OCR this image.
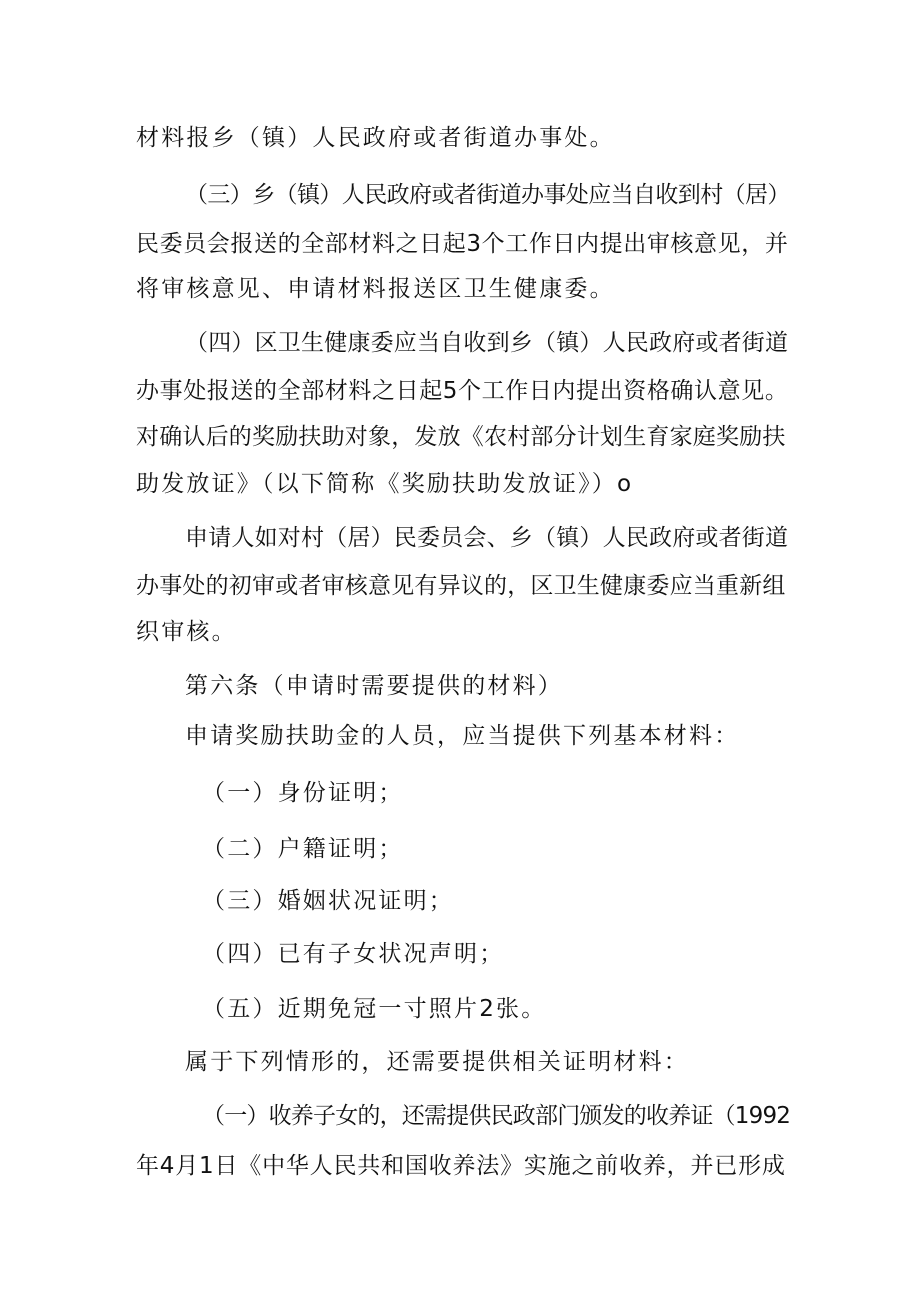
材料报乡（镇）人民政府或者街道办事处。
（三）乡（镇）人民政府或者街道办事处应当自收到村（居）
民委员会报送的全部材料之日起3个工作日内提出审核意见，并
将审核意见、申请材料报送区卫生健康委。
（四）区卫生健康委应当自收到乡（镇）人民政府或者街道
办事处报送的全部材料之日起5个工作日内提出资格确认意见。
对确认后的奖励扶助对象，发放《农村部分计划生育家庭奖励扶
助发放证》（以下简称《奖励扶助发放证》）o
申请人如对村（居）民委员会、乡（镇）人民政府或者街道
办事处的初审或者审核意见有异议的，区卫生健康委应当重新组
织审核。
第六条（申请时需要提供的材料）
申请奖励扶助金的人员，应当提供下列基本材料：
（一）身份证明；
（二）户籍证明；
（三）婚姻状况证明；
（四）已有子女状况声明；
（五）近期免冠一寸照片2张。
属于下列情形的，还需要提供相关证明材料：
（一）收养子女的，还需提供民政部门颁发的收养证（1992
年4月1日《中华人民共和国收养法》实施之前收养，并已形成
